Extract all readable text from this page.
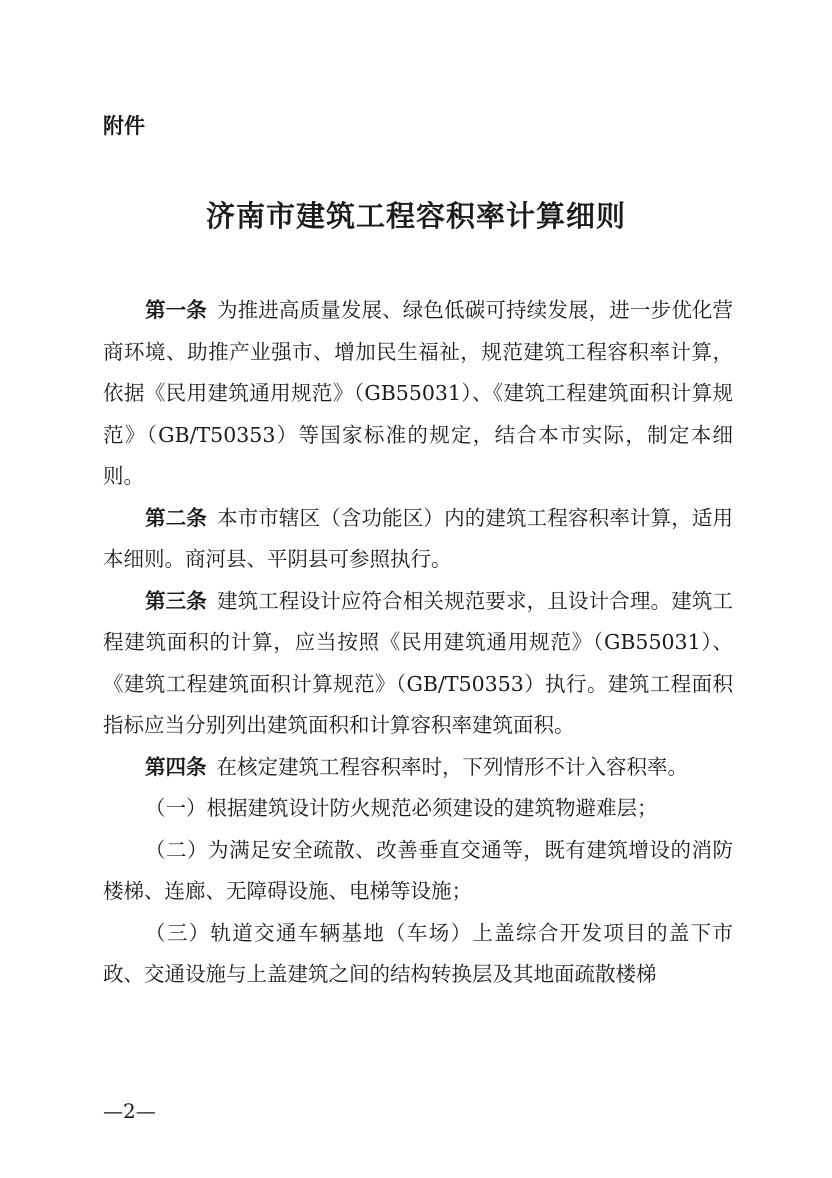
附件
济南市建筑工程容积率计算细则

第一条 为推进高质量发展、绿色低碳可持续发展，进一步优化营商环境、助推产业强市、增加民生福祉，规范建筑工程容积率计算，依据《民用建筑通用规范》（GB55031）、《建筑工程建筑面积计算规范》（GB/T50353）等国家标准的规定，结合本市实际，制定本细则。

第二条 本市市辖区（含功能区）内的建筑工程容积率计算，适用本细则。商河县、平阴县可参照执行。

第三条 建筑工程设计应符合相关规范要求，且设计合理。建筑工程建筑面积的计算，应当按照《民用建筑通用规范》（GB55031）、《建筑工程建筑面积计算规范》（GB/T50353）执行。建筑工程面积指标应当分别列出建筑面积和计算容积率建筑面积。

第四条 在核定建筑工程容积率时，下列情形不计入容积率。

（一）根据建筑设计防火规范必须建设的建筑物避难层；

（二）为满足安全疏散、改善垂直交通等，既有建筑增设的消防楼梯、连廊、无障碍设施、电梯等设施；

（三）轨道交通车辆基地（车场）上盖综合开发项目的盖下市政、交通设施与上盖建筑之间的结构转换层及其地面疏散楼梯

—2—
